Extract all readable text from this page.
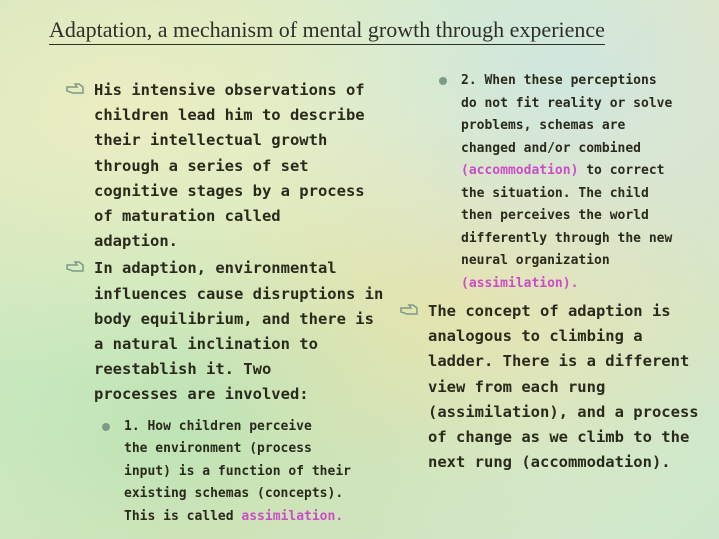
Adaptation, a mechanism of mental growth through experience
His intensive observations of
children lead him to describe
their intellectual growth
through a series of set
cognitive stages by a process
of maturation called
adaption.
In adaption, environmental
influences cause disruptions in
body equilibrium, and there is
a natural inclination to
reestablish it. Two
processes are involved:
1. How children perceive
the environment (process
input) is a function of their
existing schemas (concepts).
This is called assimilation.
2. When these perceptions
do not fit reality or solve
problems, schemas are
changed and/or combined
(accommodation) to correct
the situation. The child
then perceives the world
differently through the new
neural organization
(assimilation).
The concept of adaption is
analogous to climbing a
ladder. There is a different
view from each rung
(assimilation), and a process
of change as we climb to the
next rung (accommodation).
